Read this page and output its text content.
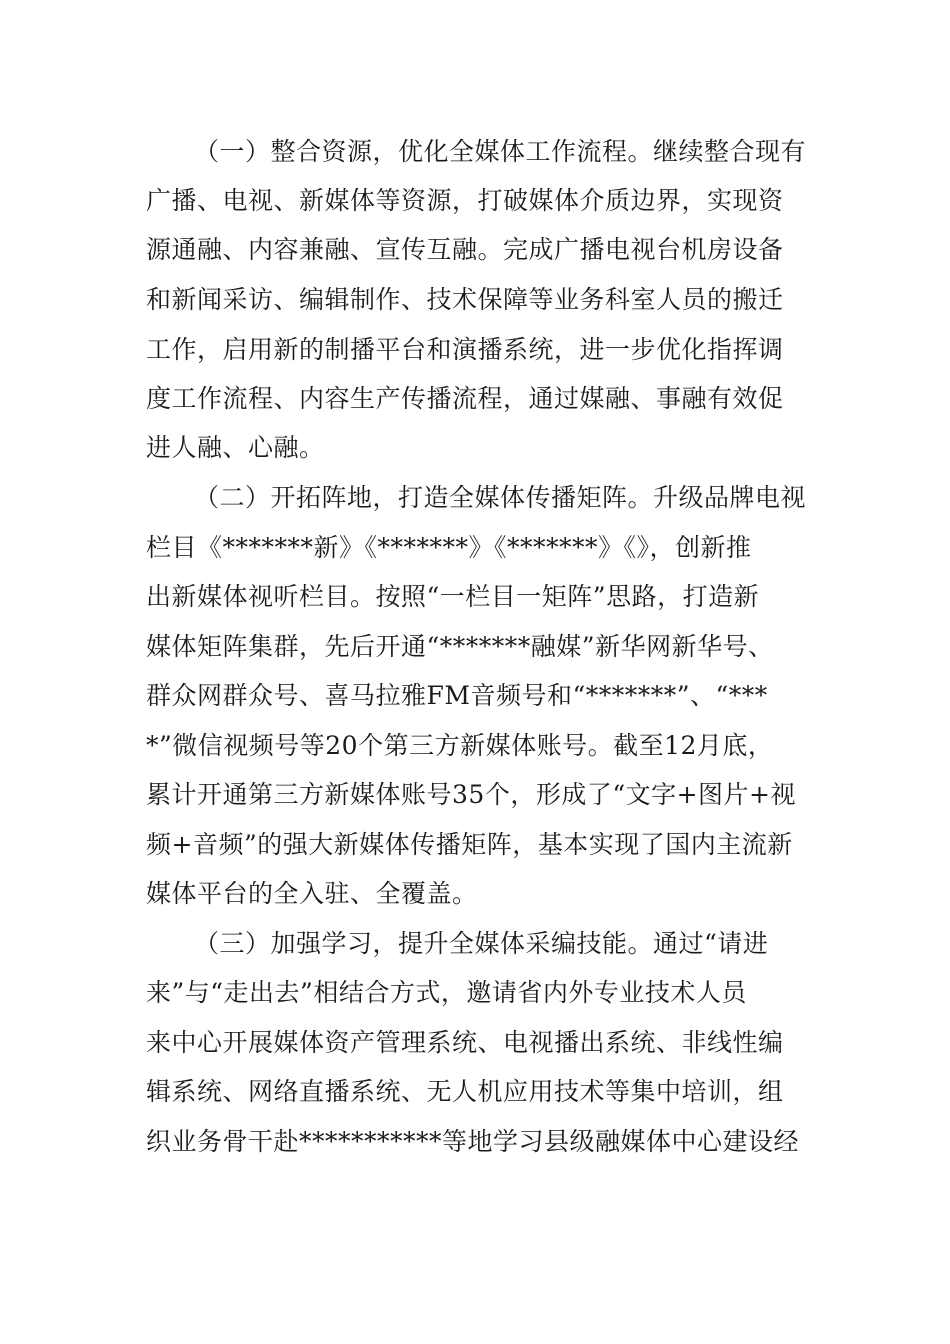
（一）整合资源，优化全媒体工作流程。继续整合现有
广播、电视、新媒体等资源，打破媒体介质边界，实现资
源通融、内容兼融、宣传互融。完成广播电视台机房设备
和新闻采访、编辑制作、技术保障等业务科室人员的搬迁
工作，启用新的制播平台和演播系统，进一步优化指挥调
度工作流程、内容生产传播流程，通过媒融、事融有效促
进人融、心融。
（二）开拓阵地，打造全媒体传播矩阵。升级品牌电视
栏目《*******新》《*******》《*******》《》，创新推
出新媒体视听栏目。按照“一栏目一矩阵”思路，打造新
媒体矩阵集群，先后开通“*******融媒”新华网新华号、
群众网群众号、喜马拉雅FM音频号和“*******”、“***
*”微信视频号等20个第三方新媒体账号。截至12月底，
累计开通第三方新媒体账号35个，形成了“文字+图片+视
频+音频”的强大新媒体传播矩阵，基本实现了国内主流新
媒体平台的全入驻、全覆盖。
（三）加强学习，提升全媒体采编技能。通过“请进
来”与“走出去”相结合方式，邀请省内外专业技术人员
来中心开展媒体资产管理系统、电视播出系统、非线性编
辑系统、网络直播系统、无人机应用技术等集中培训，组
织业务骨干赴***********等地学习县级融媒体中心建设经
